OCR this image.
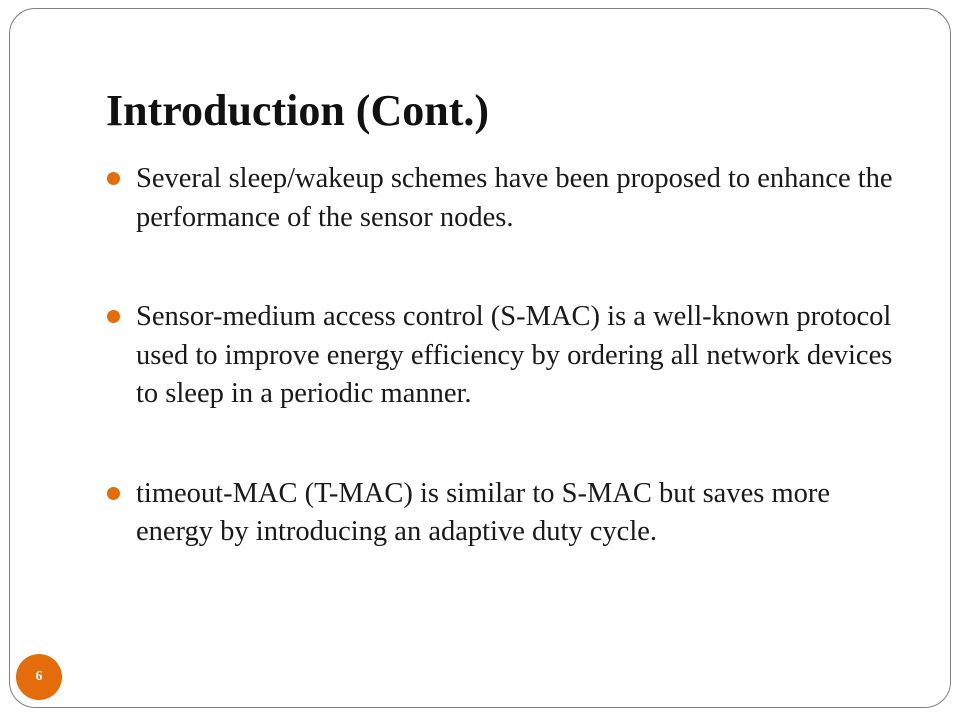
Introduction (Cont.)
Several sleep/wakeup schemes have been proposed to enhance the performance of the sensor nodes.
Sensor-medium access control (S-MAC) is a well-known protocol used to improve energy efficiency by ordering all network devices to sleep in a periodic manner.
timeout-MAC (T-MAC) is similar to S-MAC but saves more energy by introducing an adaptive duty cycle.
6
